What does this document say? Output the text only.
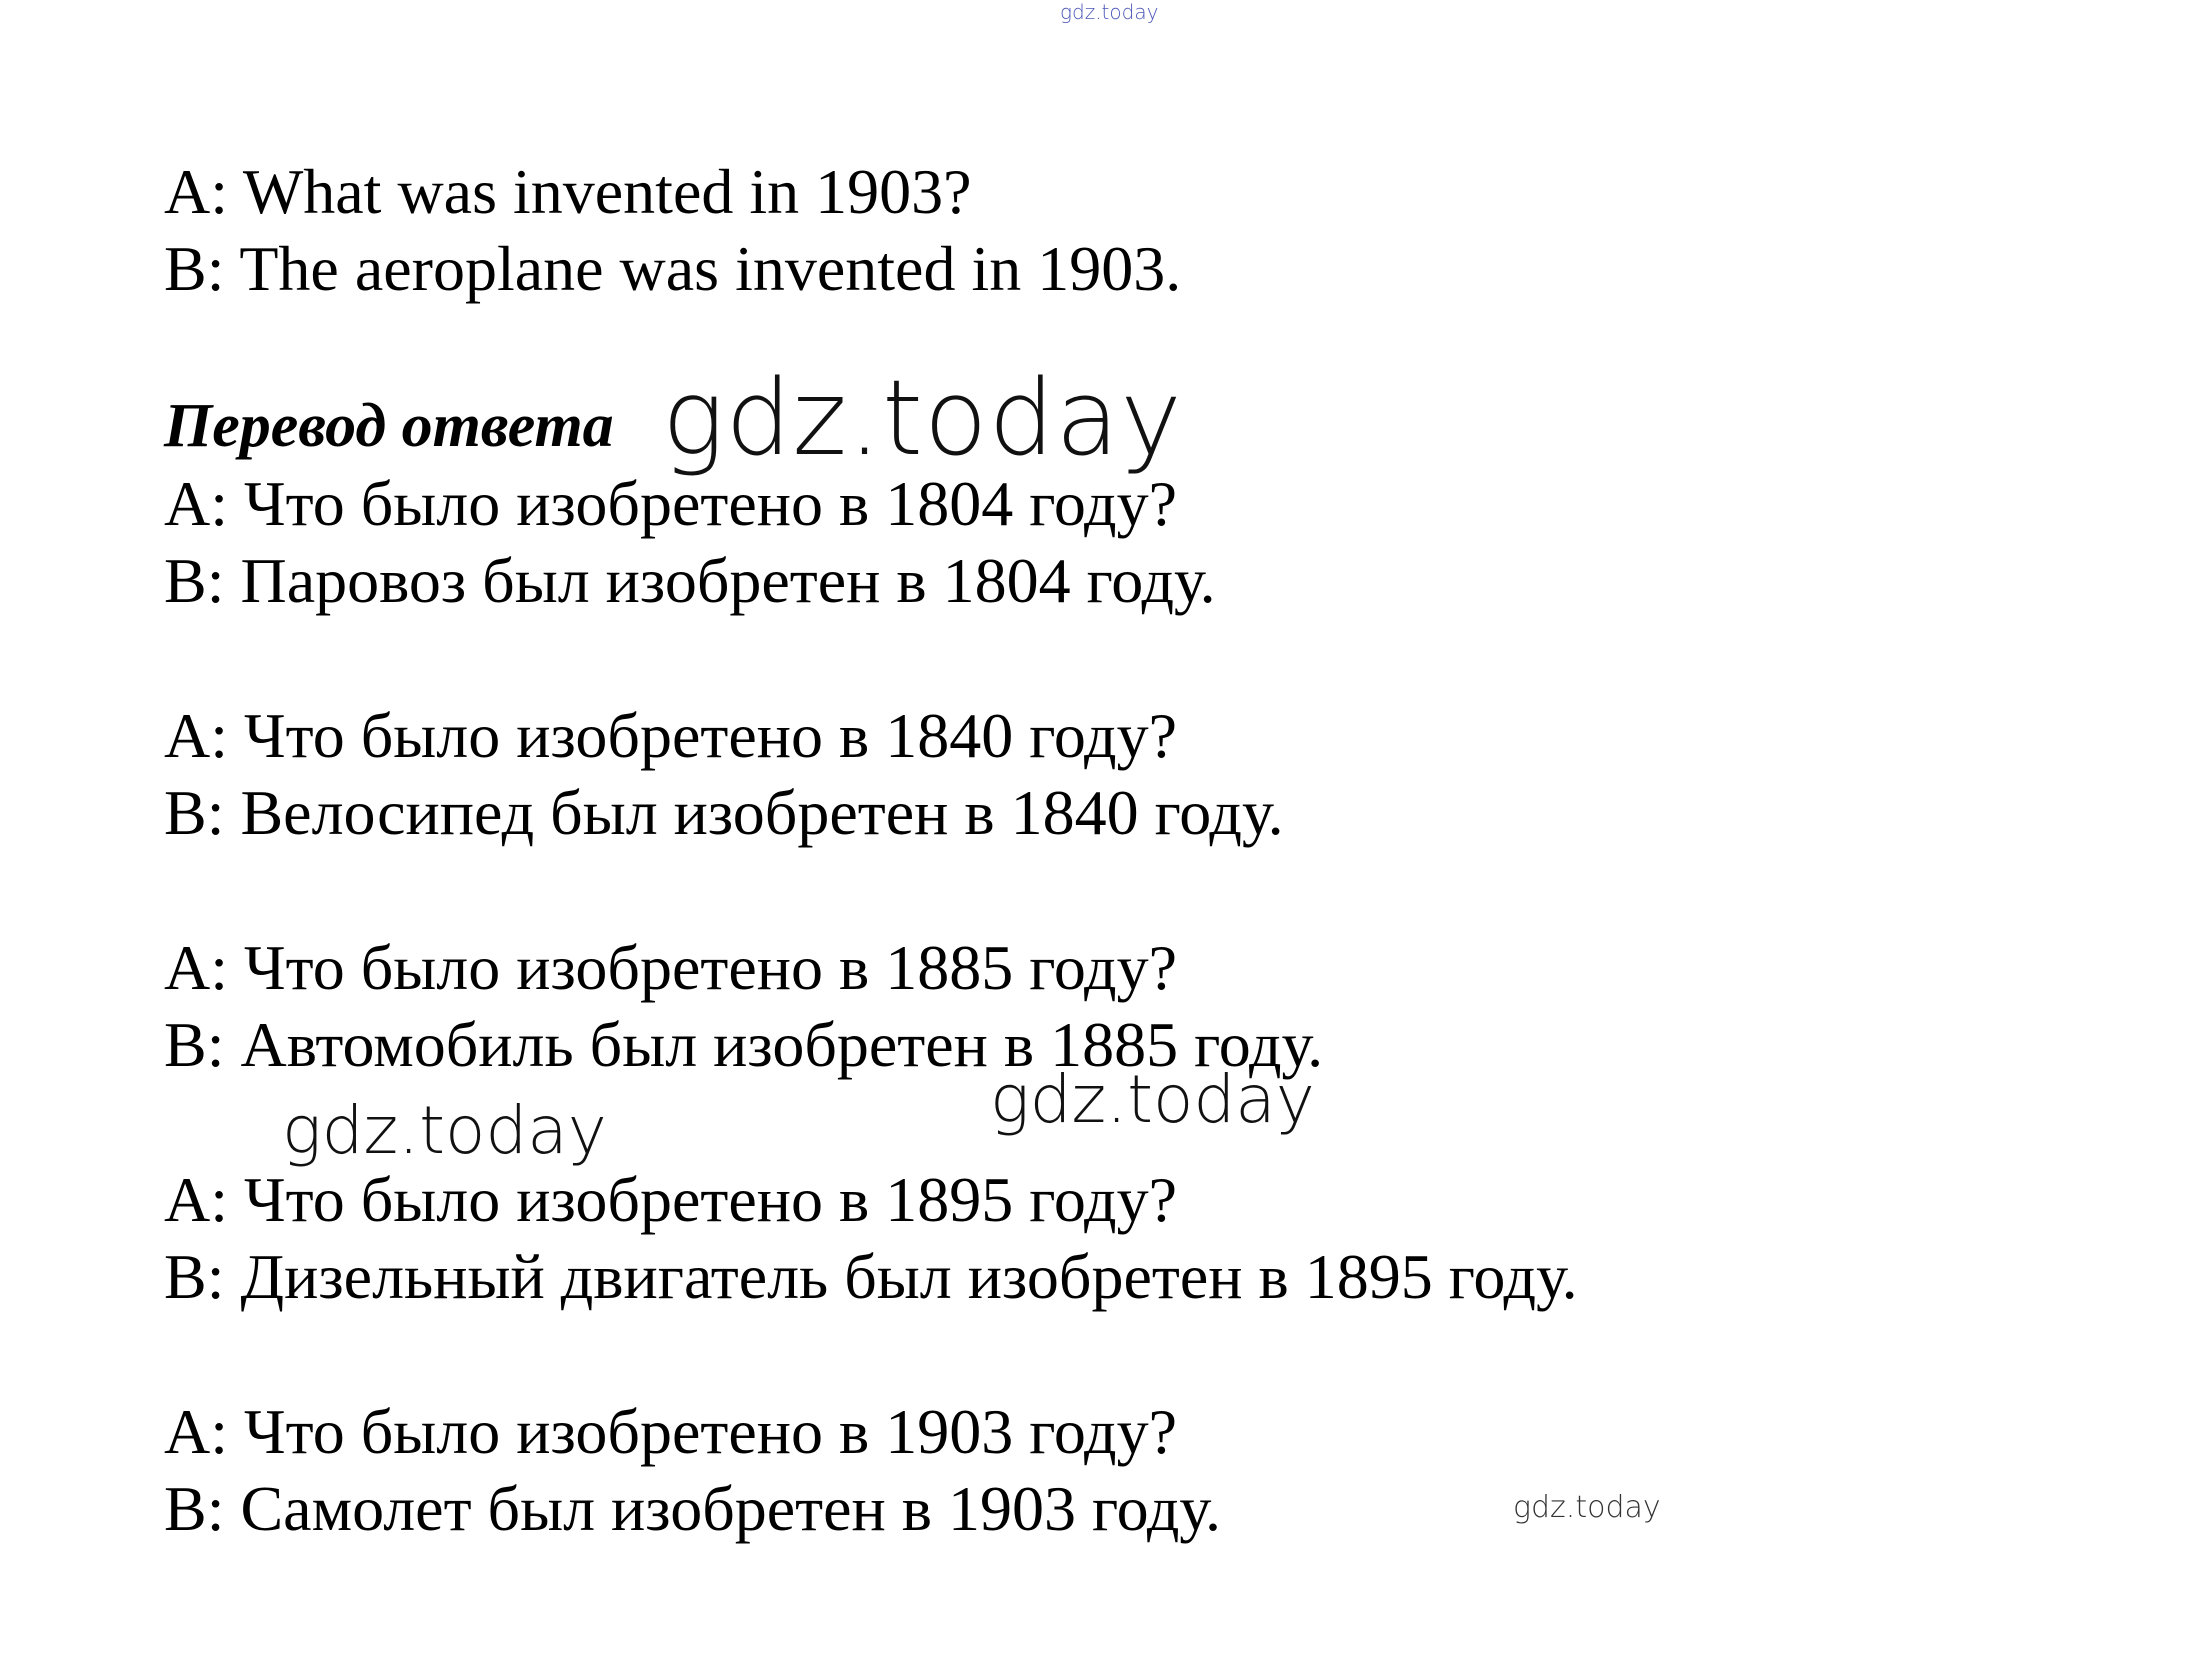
gdz.today
A: What was invented in 1903?
B: The aeroplane was invented in 1903.
Перевод ответа gdz.today
A: Что было изобретено в 1804 году?
B: Паровоз был изобретен в 1804 году.
A: Что было изобретено в 1840 году?
B: Велосипед был изобретен в 1840 году.
A: Что было изобретено в 1885 году?
B: Автомобиль был изобретен в 1885 году.
gdz.today	gdz.today
A: Что было изобретено в 1895 году?
B: Дизельный двигатель был изобретен в 1895 году.
A: Что было изобретено в 1903 году?
B: Самолет был изобретен в 1903 году.	gdz.today
